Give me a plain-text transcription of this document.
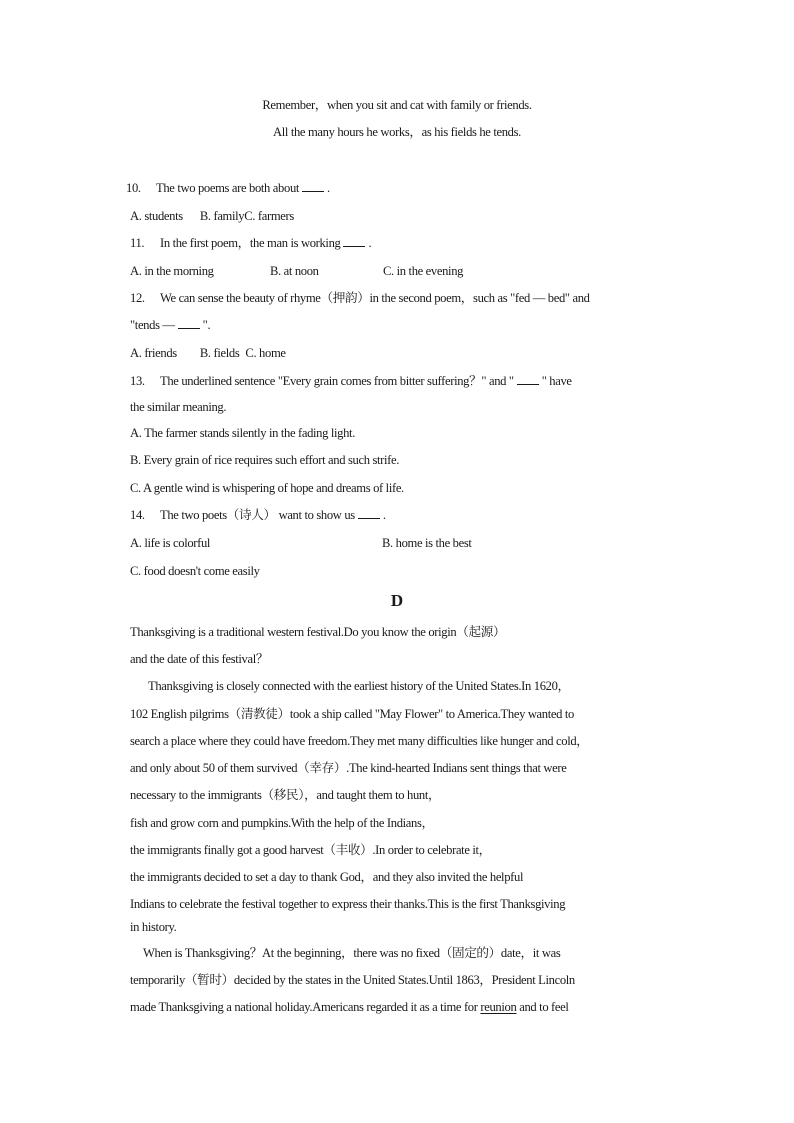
Remember，when you sit and cat with family or friends.
All the many hours he works，as his fields he tends.
10. The two poems are both about .
A. students B. familyC. farmers
11. In the first poem，the man is working .
A. in the morning	B. at noon	C. in the evening
12. We can sense the beauty of rhyme（押韵）in the second poem，such as "fed — bed" and
"tends — ".
A. friends B. fields C. home
13. The underlined sentence "Every grain comes from bitter suffering？" and " " have
the similar meaning.
A. The farmer stands silently in the fading light.
B. Every grain of rice requires such effort and such strife.
C. A gentle wind is whispering of hope and dreams of life.
14. The two poets（诗人） want to show us .
A. life is colorful	B. home is the best
C. food doesn't come easily
D
Thanksgiving is a traditional western festival.Do you know the origin（起源）
and the date of this festival？
Thanksgiving is closely connected with the earliest history of the United States.In 1620，
102 English pilgrims（清教徒）took a ship called "May Flower" to America.They wanted to
search a place where they could have freedom.They met many difficulties like hunger and cold，
and only about 50 of them survived（幸存）.The kind-hearted Indians sent things that were
necessary to the immigrants（移民），and taught them to hunt，
fish and grow corn and pumpkins.With the help of the Indians，
the immigrants finally got a good harvest（丰收）.In order to celebrate it，
the immigrants decided to set a day to thank God，and they also invited the helpful
Indians to celebrate the festival together to express their thanks.This is the first Thanksgiving
in history.
When is Thanksgiving？At the beginning，there was no fixed（固定的）date，it was
temporarily（暂时）decided by the states in the United States.Until 1863，President Lincoln
made Thanksgiving a national holiday.Americans regarded it as a time for reunion and to feel
